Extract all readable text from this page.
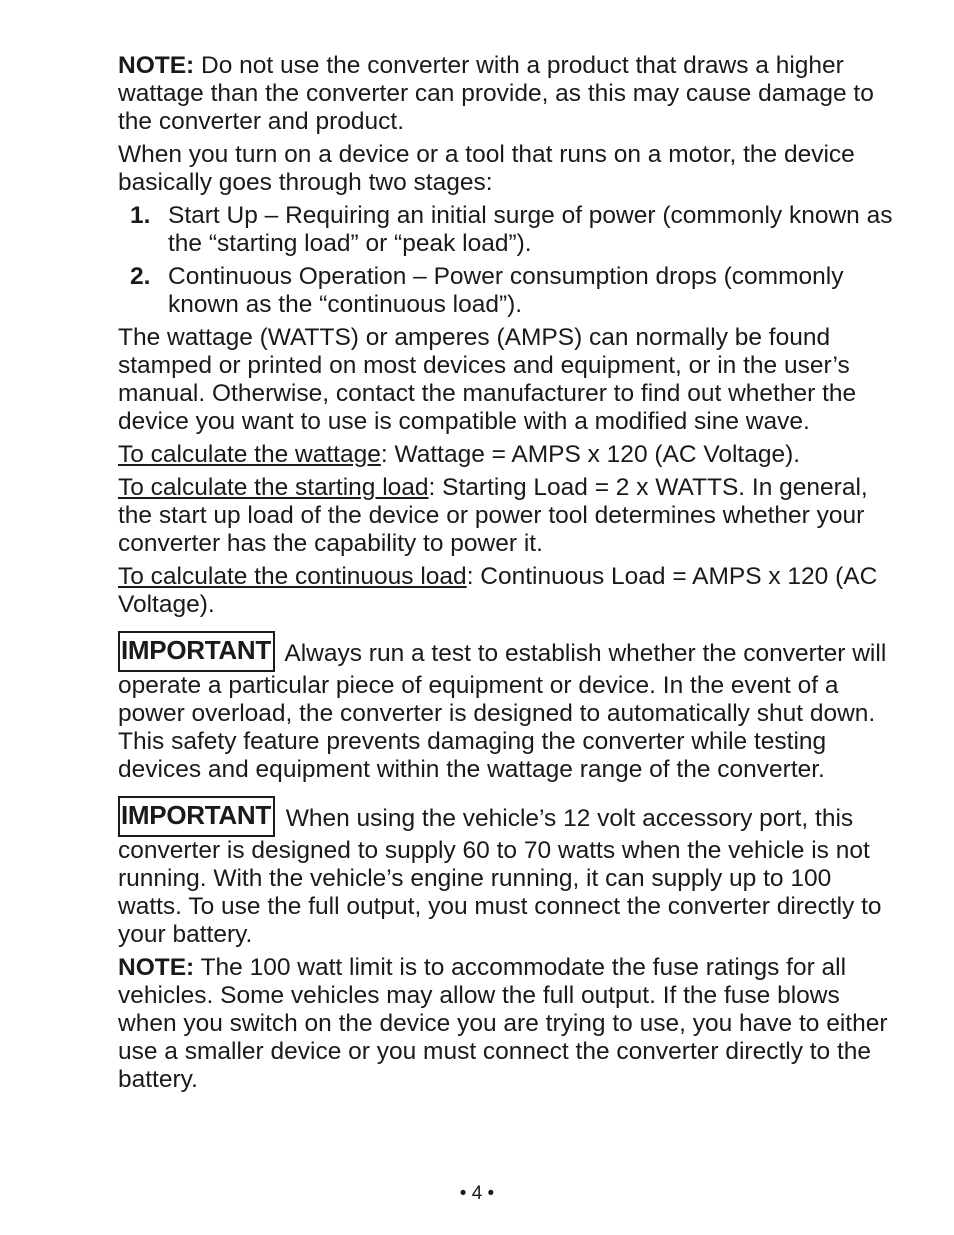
NOTE: Do not use the converter with a product that draws a higher wattage than the converter can provide, as this may cause damage to the converter and product.

When you turn on a device or a tool that runs on a motor, the device basically goes through two stages:

1. Start Up – Requiring an initial surge of power (commonly known as the “starting load” or “peak load”).
2. Continuous Operation – Power consumption drops (commonly known as the “continuous load”).

The wattage (WATTS) or amperes (AMPS) can normally be found stamped or printed on most devices and equipment, or in the user’s manual. Otherwise, contact the manufacturer to find out whether the device you want to use is compatible with a modified sine wave.

To calculate the wattage: Wattage = AMPS x 120 (AC Voltage).

To calculate the starting load: Starting Load = 2 x WATTS. In general, the start up load of the device or power tool determines whether your converter has the capability to power it.

To calculate the continuous load: Continuous Load = AMPS x 120 (AC Voltage).

IMPORTANT Always run a test to establish whether the converter will operate a particular piece of equipment or device. In the event of a power overload, the converter is designed to automatically shut down. This safety feature prevents damaging the converter while testing devices and equipment within the wattage range of the converter.

IMPORTANT When using the vehicle’s 12 volt accessory port, this converter is designed to supply 60 to 70 watts when the vehicle is not running. With the vehicle’s engine running, it can supply up to 100 watts. To use the full output, you must connect the converter directly to your battery.

NOTE: The 100 watt limit is to accommodate the fuse ratings for all vehicles. Some vehicles may allow the full output. If the fuse blows when you switch on the device you are trying to use, you have to either use a smaller device or you must connect the converter directly to the battery.

• 4 •
